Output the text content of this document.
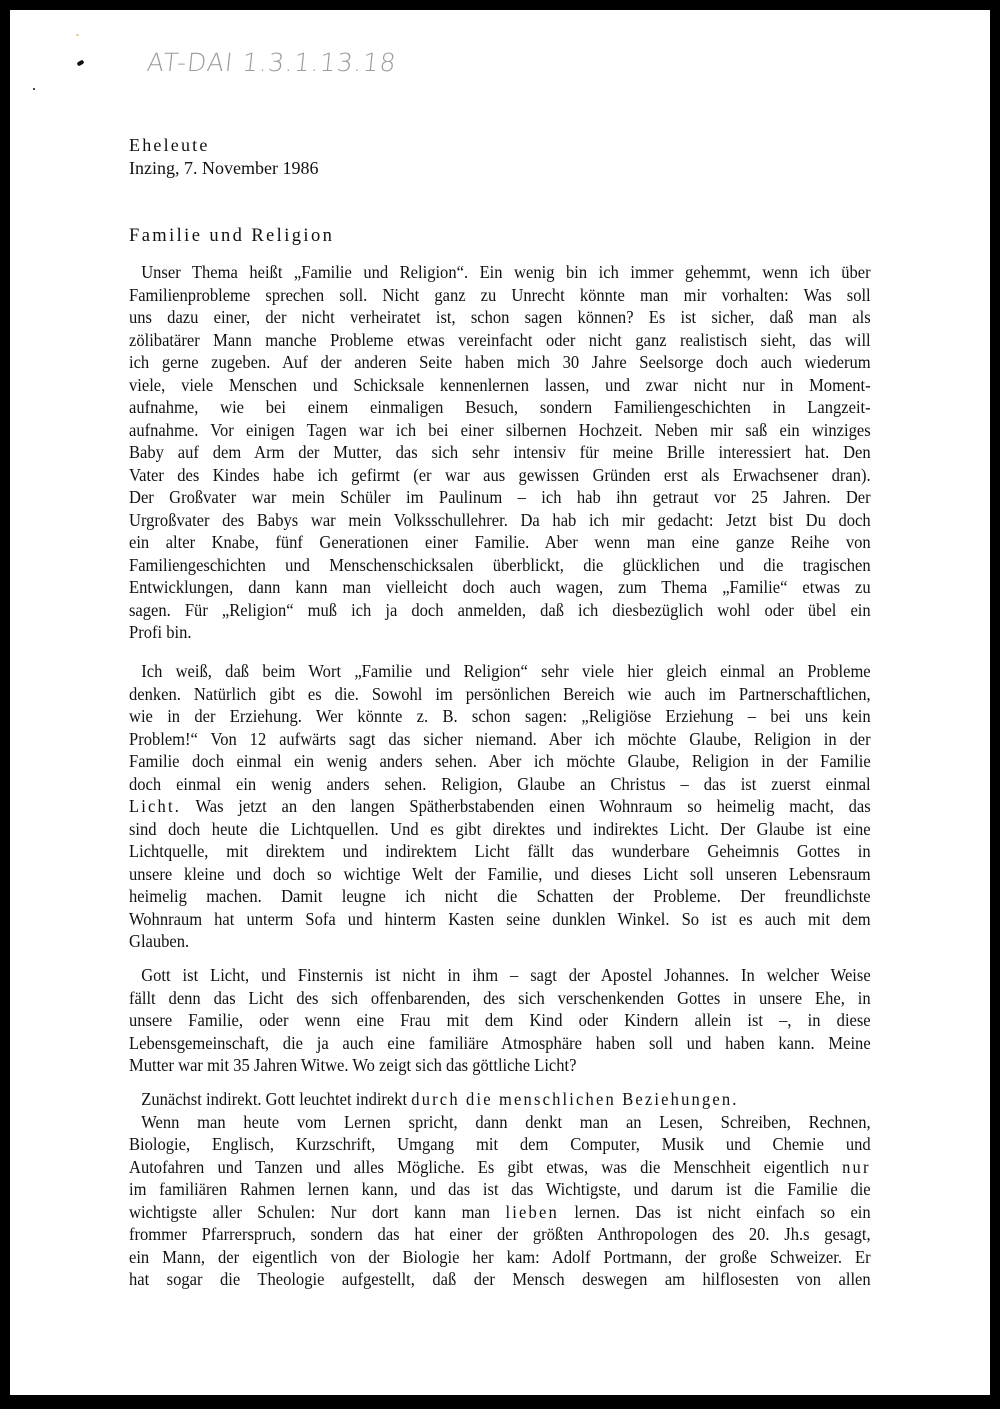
AT-DAI 1.3.1.13.18
Eheleute
Inzing, 7. November 1986
Familie und Religion
Unser Thema heißt „Familie und Religion“. Ein wenig bin ich immer gehemmt, wenn ich über
Familienprobleme sprechen soll. Nicht ganz zu Unrecht könnte man mir vorhalten: Was soll
uns dazu einer, der nicht verheiratet ist, schon sagen können? Es ist sicher, daß man als
zölibatärer Mann manche Probleme etwas vereinfacht oder nicht ganz realistisch sieht, das will
ich gerne zugeben. Auf der anderen Seite haben mich 30 Jahre Seelsorge doch auch wiederum
viele, viele Menschen und Schicksale kennenlernen lassen, und zwar nicht nur in Moment-
aufnahme, wie bei einem einmaligen Besuch, sondern Familiengeschichten in Langzeit-
aufnahme. Vor einigen Tagen war ich bei einer silbernen Hochzeit. Neben mir saß ein winziges
Baby auf dem Arm der Mutter, das sich sehr intensiv für meine Brille interessiert hat. Den
Vater des Kindes habe ich gefirmt (er war aus gewissen Gründen erst als Erwachsener dran).
Der Großvater war mein Schüler im Paulinum – ich hab ihn getraut vor 25 Jahren. Der
Urgroßvater des Babys war mein Volksschullehrer. Da hab ich mir gedacht: Jetzt bist Du doch
ein alter Knabe, fünf Generationen einer Familie. Aber wenn man eine ganze Reihe von
Familiengeschichten und Menschenschicksalen überblickt, die glücklichen und die tragischen
Entwicklungen, dann kann man vielleicht doch auch wagen, zum Thema „Familie“ etwas zu
sagen. Für „Religion“ muß ich ja doch anmelden, daß ich diesbezüglich wohl oder übel ein
Profi bin.
Ich weiß, daß beim Wort „Familie und Religion“ sehr viele hier gleich einmal an Probleme
denken. Natürlich gibt es die. Sowohl im persönlichen Bereich wie auch im Partnerschaftlichen,
wie in der Erziehung. Wer könnte z. B. schon sagen: „Religiöse Erziehung – bei uns kein
Problem!“ Von 12 aufwärts sagt das sicher niemand. Aber ich möchte Glaube, Religion in der
Familie doch einmal ein wenig anders sehen. Aber ich möchte Glaube, Religion in der Familie
doch einmal ein wenig anders sehen. Religion, Glaube an Christus – das ist zuerst einmal
Licht. Was jetzt an den langen Spätherbstabenden einen Wohnraum so heimelig macht, das
sind doch heute die Lichtquellen. Und es gibt direktes und indirektes Licht. Der Glaube ist eine
Lichtquelle, mit direktem und indirektem Licht fällt das wunderbare Geheimnis Gottes in
unsere kleine und doch so wichtige Welt der Familie, und dieses Licht soll unseren Lebensraum
heimelig machen. Damit leugne ich nicht die Schatten der Probleme. Der freundlichste
Wohnraum hat unterm Sofa und hinterm Kasten seine dunklen Winkel. So ist es auch mit dem
Glauben.
Gott ist Licht, und Finsternis ist nicht in ihm – sagt der Apostel Johannes. In welcher Weise
fällt denn das Licht des sich offenbarenden, des sich verschenkenden Gottes in unsere Ehe, in
unsere Familie, oder wenn eine Frau mit dem Kind oder Kindern allein ist –, in diese
Lebensgemeinschaft, die ja auch eine familiäre Atmosphäre haben soll und haben kann. Meine
Mutter war mit 35 Jahren Witwe. Wo zeigt sich das göttliche Licht?
Zunächst indirekt. Gott leuchtet indirekt durch die menschlichen Beziehungen.
Wenn man heute vom Lernen spricht, dann denkt man an Lesen, Schreiben, Rechnen,
Biologie, Englisch, Kurzschrift, Umgang mit dem Computer, Musik und Chemie und
Autofahren und Tanzen und alles Mögliche. Es gibt etwas, was die Menschheit eigentlich nur
im familiären Rahmen lernen kann, und das ist das Wichtigste, und darum ist die Familie die
wichtigste aller Schulen: Nur dort kann man lieben lernen. Das ist nicht einfach so ein
frommer Pfarrerspruch, sondern das hat einer der größten Anthropologen des 20. Jh.s gesagt,
ein Mann, der eigentlich von der Biologie her kam: Adolf Portmann, der große Schweizer. Er
hat sogar die Theologie aufgestellt, daß der Mensch deswegen am hilflosesten von allen
